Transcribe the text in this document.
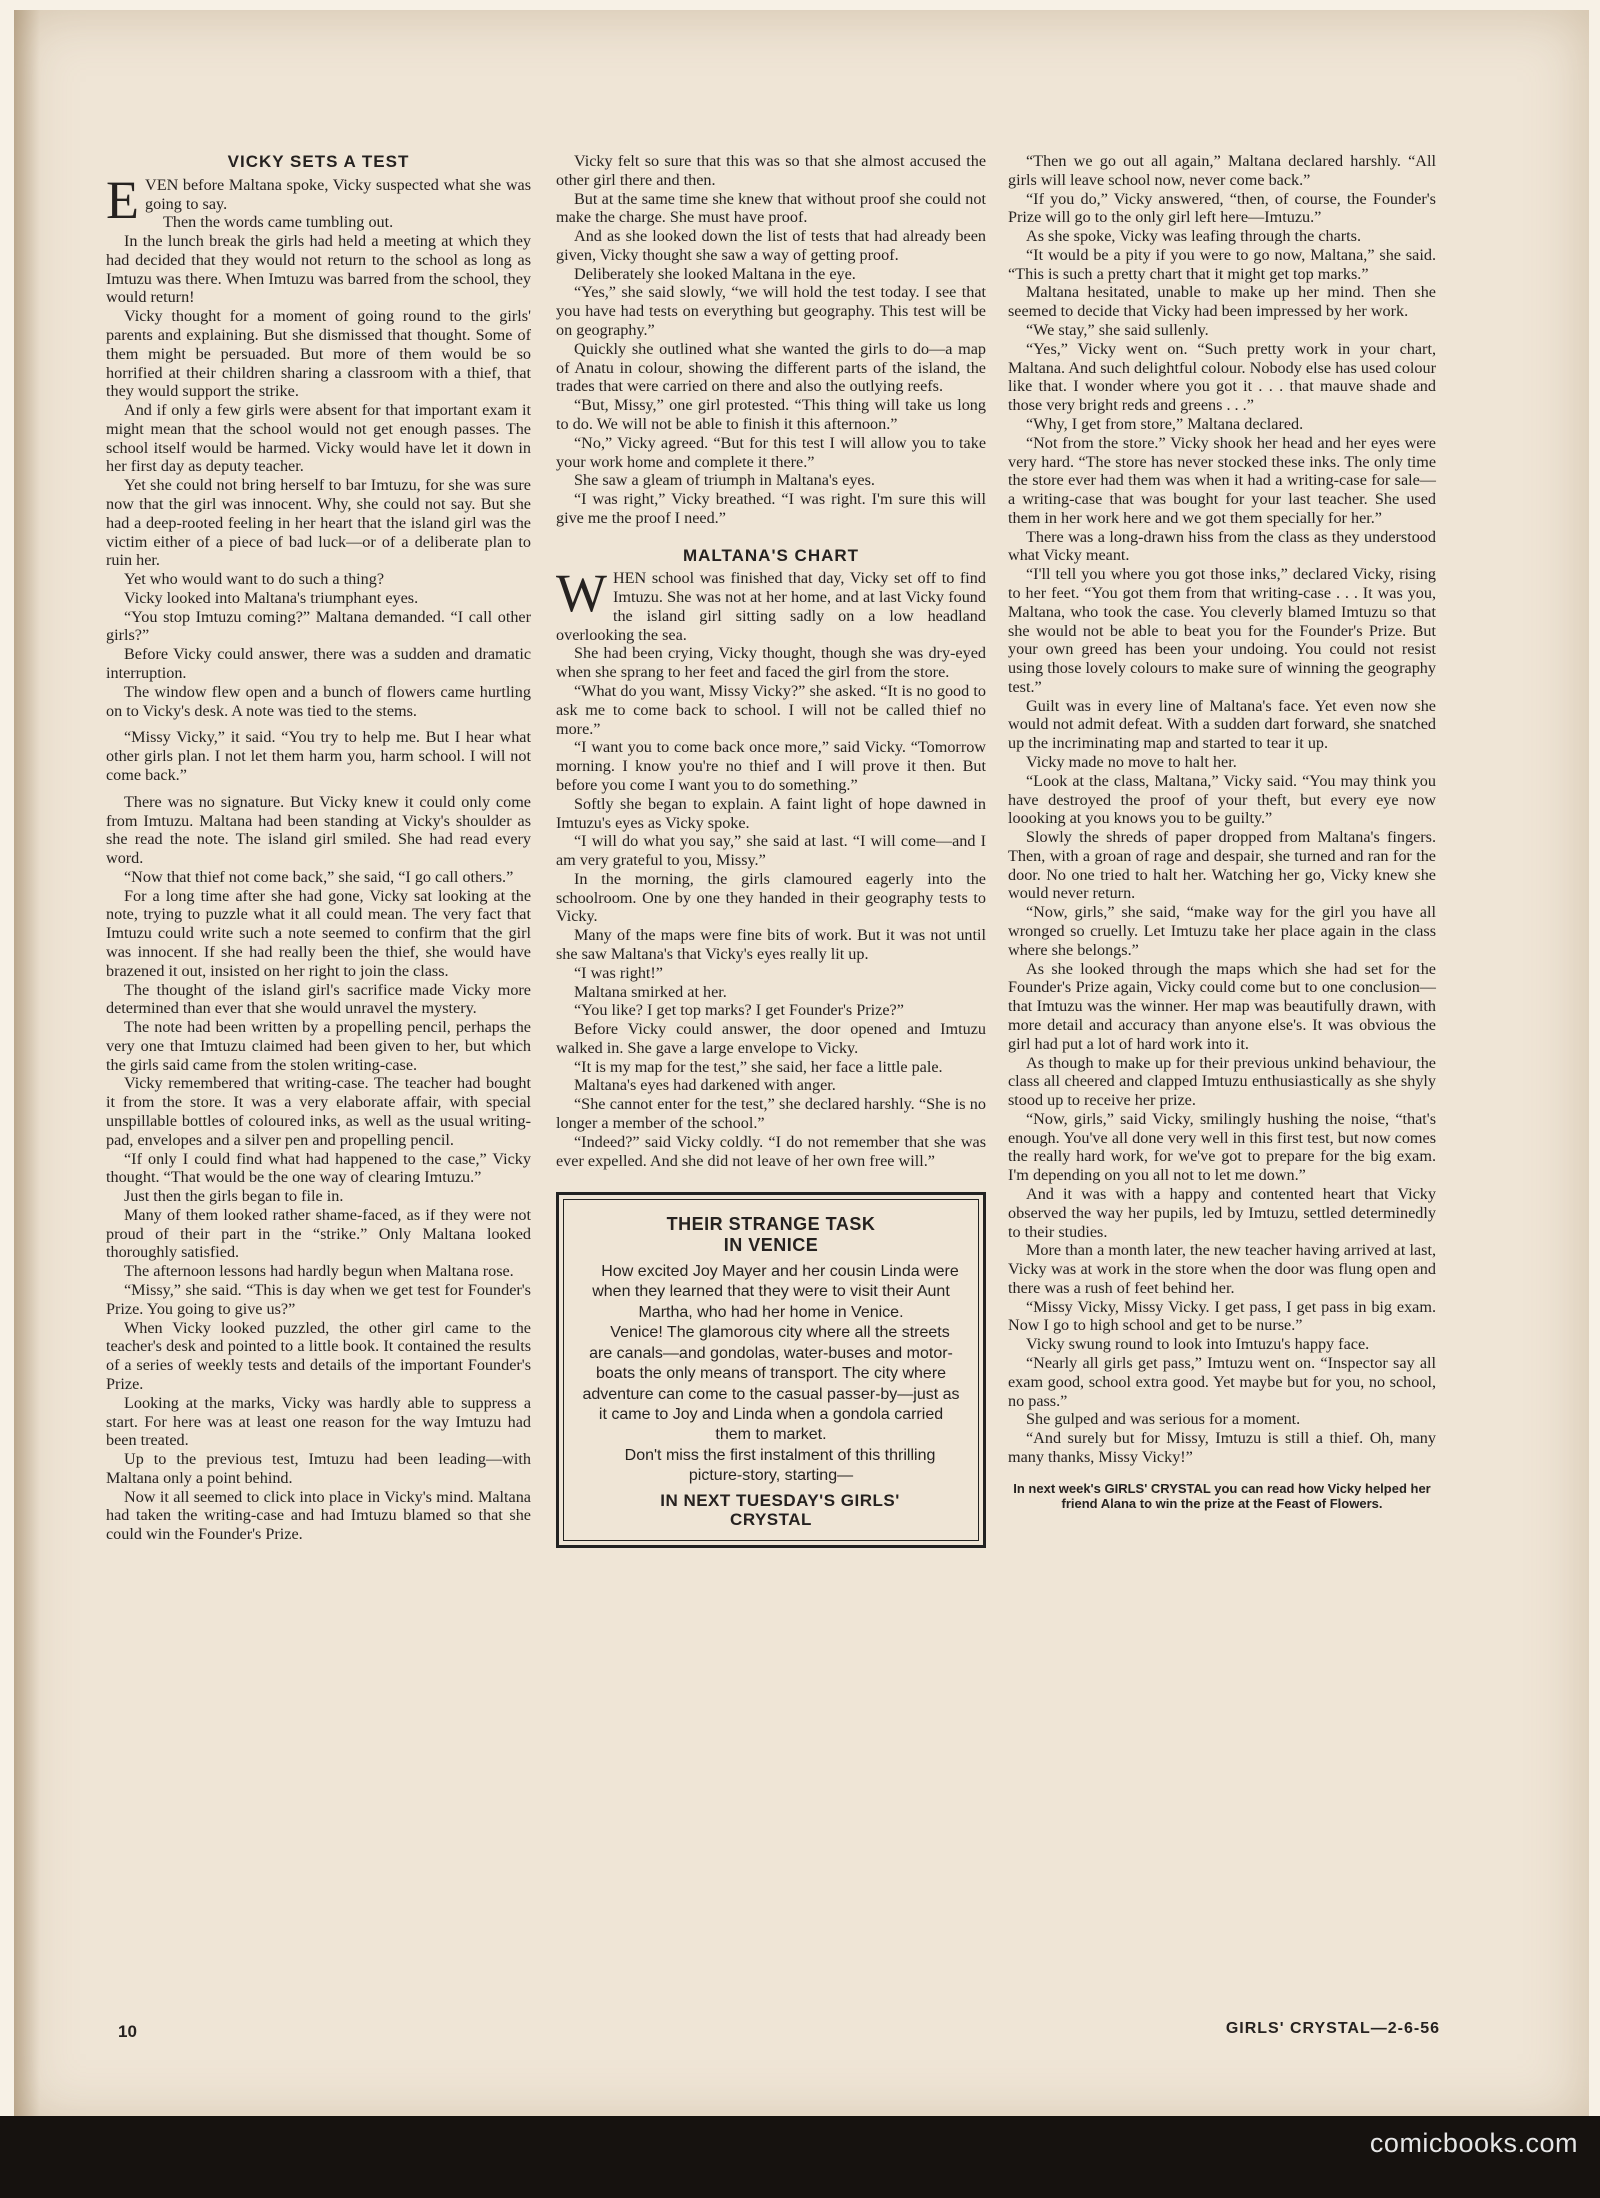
VICKY SETS A TEST

EVEN before Maltana spoke, Vicky suspected what she was going to say.

Then the words came tumbling out.

In the lunch break the girls had held a meeting at which they had decided that they would not return to the school as long as Imtuzu was there. When Imtuzu was barred from the school, they would return!

Vicky thought for a moment of going round to the girls' parents and explaining. But she dismissed that thought. Some of them might be persuaded. But more of them would be so horrified at their children sharing a classroom with a thief, that they would support the strike.

And if only a few girls were absent for that important exam it might mean that the school would not get enough passes. The school itself would be harmed. Vicky would have let it down in her first day as deputy teacher.

Yet she could not bring herself to bar Imtuzu, for she was sure now that the girl was innocent. Why, she could not say. But she had a deep-rooted feeling in her heart that the island girl was the victim either of a piece of bad luck—or of a deliberate plan to ruin her.

Yet who would want to do such a thing?

Vicky looked into Maltana's triumphant eyes.

“You stop Imtuzu coming?” Maltana demanded. “I call other girls?”

Before Vicky could answer, there was a sudden and dramatic interruption.

The window flew open and a bunch of flowers came hurtling on to Vicky's desk. A note was tied to the stems.

“Missy Vicky,” it said. “You try to help me. But I hear what other girls plan. I not let them harm you, harm school. I will not come back.”

There was no signature. But Vicky knew it could only come from Imtuzu. Maltana had been standing at Vicky's shoulder as she read the note. The island girl smiled. She had read every word.

“Now that thief not come back,” she said, “I go call others.”

For a long time after she had gone, Vicky sat looking at the note, trying to puzzle what it all could mean. The very fact that Imtuzu could write such a note seemed to confirm that the girl was innocent. If she had really been the thief, she would have brazened it out, insisted on her right to join the class.

The thought of the island girl's sacrifice made Vicky more determined than ever that she would unravel the mystery.

The note had been written by a propelling pencil, perhaps the very one that Imtuzu claimed had been given to her, but which the girls said came from the stolen writing-case.

Vicky remembered that writing-case. The teacher had bought it from the store. It was a very elaborate affair, with special unspillable bottles of coloured inks, as well as the usual writing-pad, envelopes and a silver pen and propelling pencil.

“If only I could find what had happened to the case,” Vicky thought. “That would be the one way of clearing Imtuzu.”

Just then the girls began to file in.

Many of them looked rather shame-faced, as if they were not proud of their part in the “strike.” Only Maltana looked thoroughly satisfied.

The afternoon lessons had hardly begun when Maltana rose.

“Missy,” she said. “This is day when we get test for Founder's Prize. You going to give us?”

When Vicky looked puzzled, the other girl came to the teacher's desk and pointed to a little book. It contained the results of a series of weekly tests and details of the important Founder's Prize.

Looking at the marks, Vicky was hardly able to suppress a start. For here was at least one reason for the way Imtuzu had been treated.

Up to the previous test, Imtuzu had been leading—with Maltana only a point behind.

Now it all seemed to click into place in Vicky's mind. Maltana had taken the writing-case and had Imtuzu blamed so that she could win the Founder's Prize.

Vicky felt so sure that this was so that she almost accused the other girl there and then.

But at the same time she knew that without proof she could not make the charge. She must have proof.

And as she looked down the list of tests that had already been given, Vicky thought she saw a way of getting proof.

Deliberately she looked Maltana in the eye.

“Yes,” she said slowly, “we will hold the test today. I see that you have had tests on everything but geography. This test will be on geography.”

Quickly she outlined what she wanted the girls to do—a map of Anatu in colour, showing the different parts of the island, the trades that were carried on there and also the outlying reefs.

“But, Missy,” one girl protested. “This thing will take us long to do. We will not be able to finish it this afternoon.”

“No,” Vicky agreed. “But for this test I will allow you to take your work home and complete it there.”

She saw a gleam of triumph in Maltana's eyes.

“I was right,” Vicky breathed. “I was right. I'm sure this will give me the proof I need.”

MALTANA'S CHART

WHEN school was finished that day, Vicky set off to find Imtuzu. She was not at her home, and at last Vicky found the island girl sitting sadly on a low headland overlooking the sea.

She had been crying, Vicky thought, though she was dry-eyed when she sprang to her feet and faced the girl from the store.

“What do you want, Missy Vicky?” she asked. “It is no good to ask me to come back to school. I will not be called thief no more.”

“I want you to come back once more,” said Vicky. “Tomorrow morning. I know you're no thief and I will prove it then. But before you come I want you to do something.”

Softly she began to explain. A faint light of hope dawned in Imtuzu's eyes as Vicky spoke.

“I will do what you say,” she said at last. “I will come—and I am very grateful to you, Missy.”

In the morning, the girls clamoured eagerly into the schoolroom. One by one they handed in their geography tests to Vicky.

Many of the maps were fine bits of work. But it was not until she saw Maltana's that Vicky's eyes really lit up.

“I was right!”

Maltana smirked at her.

“You like? I get top marks? I get Founder's Prize?”

Before Vicky could answer, the door opened and Imtuzu walked in. She gave a large envelope to Vicky.

“It is my map for the test,” she said, her face a little pale.

Maltana's eyes had darkened with anger.

“She cannot enter for the test,” she declared harshly. “She is no longer a member of the school.”

“Indeed?” said Vicky coldly. “I do not remember that she was ever expelled. And she did not leave of her own free will.”

THEIR STRANGE TASK
IN VENICE

How excited Joy Mayer and her cousin Linda were when they learned that they were to visit their Aunt Martha, who had her home in Venice.

Venice! The glamorous city where all the streets are canals—and gondolas, water-buses and motor-boats the only means of transport. The city where adventure can come to the casual passer-by—just as it came to Joy and Linda when a gondola carried them to market.

Don't miss the first instalment of this thrilling picture-story, starting—

IN NEXT TUESDAY'S GIRLS'
CRYSTAL

“Then we go out all again,” Maltana declared harshly. “All girls will leave school now, never come back.”

“If you do,” Vicky answered, “then, of course, the Founder's Prize will go to the only girl left here—Imtuzu.”

As she spoke, Vicky was leafing through the charts.

“It would be a pity if you were to go now, Maltana,” she said. “This is such a pretty chart that it might get top marks.”

Maltana hesitated, unable to make up her mind. Then she seemed to decide that Vicky had been impressed by her work.

“We stay,” she said sullenly.

“Yes,” Vicky went on. “Such pretty work in your chart, Maltana. And such delightful colour. Nobody else has used colour like that. I wonder where you got it . . . that mauve shade and those very bright reds and greens . . .”

“Why, I get from store,” Maltana declared.

“Not from the store.” Vicky shook her head and her eyes were very hard. “The store has never stocked these inks. The only time the store ever had them was when it had a writing-case for sale—a writing-case that was bought for your last teacher. She used them in her work here and we got them specially for her.”

There was a long-drawn hiss from the class as they understood what Vicky meant.

“I'll tell you where you got those inks,” declared Vicky, rising to her feet. “You got them from that writing-case . . . It was you, Maltana, who took the case. You cleverly blamed Imtuzu so that she would not be able to beat you for the Founder's Prize. But your own greed has been your undoing. You could not resist using those lovely colours to make sure of winning the geography test.”

Guilt was in every line of Maltana's face. Yet even now she would not admit defeat. With a sudden dart forward, she snatched up the incriminating map and started to tear it up.

Vicky made no move to halt her.

“Look at the class, Maltana,” Vicky said. “You may think you have destroyed the proof of your theft, but every eye now loooking at you knows you to be guilty.”

Slowly the shreds of paper dropped from Maltana's fingers. Then, with a groan of rage and despair, she turned and ran for the door. No one tried to halt her. Watching her go, Vicky knew she would never return.

“Now, girls,” she said, “make way for the girl you have all wronged so cruelly. Let Imtuzu take her place again in the class where she belongs.”

As she looked through the maps which she had set for the Founder's Prize again, Vicky could come but to one conclusion—that Imtuzu was the winner. Her map was beautifully drawn, with more detail and accuracy than anyone else's. It was obvious the girl had put a lot of hard work into it.

As though to make up for their previous unkind behaviour, the class all cheered and clapped Imtuzu enthusiastically as she shyly stood up to receive her prize.

“Now, girls,” said Vicky, smilingly hushing the noise, “that's enough. You've all done very well in this first test, but now comes the really hard work, for we've got to prepare for the big exam. I'm depending on you all not to let me down.”

And it was with a happy and contented heart that Vicky observed the way her pupils, led by Imtuzu, settled determinedly to their studies.

More than a month later, the new teacher having arrived at last, Vicky was at work in the store when the door was flung open and there was a rush of feet behind her.

“Missy Vicky, Missy Vicky. I get pass, I get pass in big exam. Now I go to high school and get to be nurse.”

Vicky swung round to look into Imtuzu's happy face.

“Nearly all girls get pass,” Imtuzu went on. “Inspector say all exam good, school extra good. Yet maybe but for you, no school, no pass.”

She gulped and was serious for a moment.

“And surely but for Missy, Imtuzu is still a thief. Oh, many many thanks, Missy Vicky!”

In next week's GIRLS' CRYSTAL you can read how Vicky helped her friend Alana to win the prize at the Feast of Flowers.
10	GIRLS' CRYSTAL—2-6-56
comicbooks.com
